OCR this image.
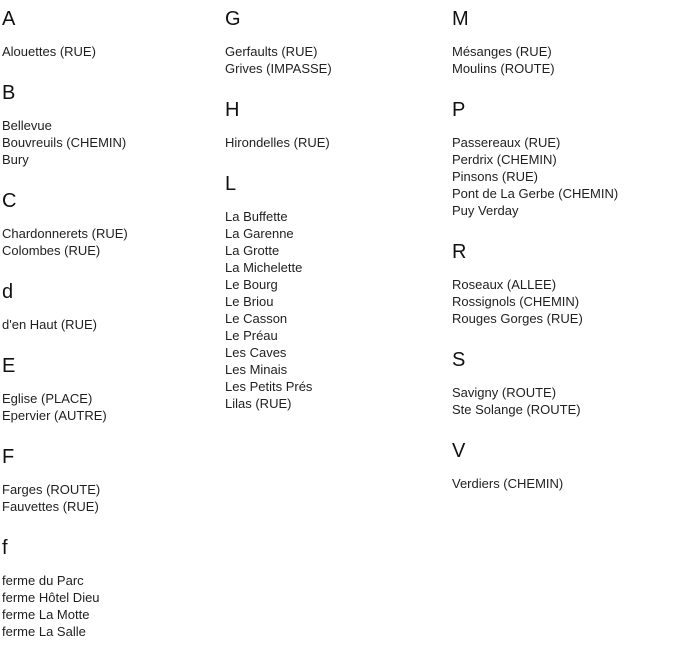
A
Alouettes (RUE)
B
Bellevue
Bouvreuils (CHEMIN)
Bury
C
Chardonnerets (RUE)
Colombes (RUE)
d
d'en Haut (RUE)
E
Eglise (PLACE)
Epervier (AUTRE)
F
Farges (ROUTE)
Fauvettes (RUE)
f
ferme du Parc
ferme Hôtel Dieu
ferme La Motte
ferme La Salle
G
Gerfaults (RUE)
Grives (IMPASSE)
H
Hirondelles (RUE)
L
La Buffette
La Garenne
La Grotte
La Michelette
Le Bourg
Le Briou
Le Casson
Le Préau
Les Caves
Les Minais
Les Petits Prés
Lilas (RUE)
M
Mésanges (RUE)
Moulins (ROUTE)
P
Passereaux (RUE)
Perdrix (CHEMIN)
Pinsons (RUE)
Pont de La Gerbe (CHEMIN)
Puy Verday
R
Roseaux (ALLEE)
Rossignols (CHEMIN)
Rouges Gorges (RUE)
S
Savigny (ROUTE)
Ste Solange (ROUTE)
V
Verdiers (CHEMIN)
